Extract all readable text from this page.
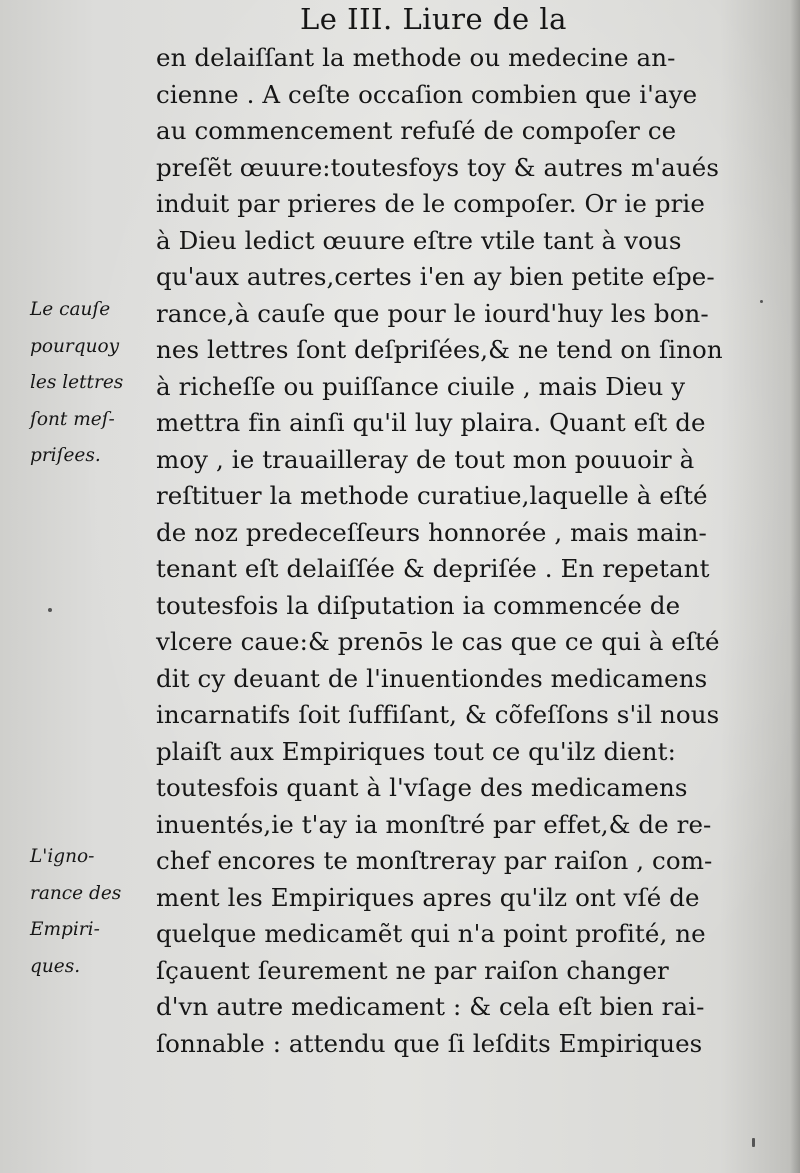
Le III. Liure de la
en delaiſſant la methode ou medecine an-
cienne . A ceſte occaſion combien que i'aye
au commencement refuſé de compoſer ce
preſẽt œuure:toutesfoys toy & autres m'aués
induit par prieres de le compoſer. Or ie prie
à Dieu ledict œuure eſtre vtile tant à vous
qu'aux autres,certes i'en ay bien petite eſpe-
rance,à cauſe que pour le iourd'huy les bon-
nes lettres ſont deſpriſées,& ne tend on ſinon
à richeſſe ou puiſſance ciuile , mais Dieu y
mettra fin ainſi qu'il luy plaira. Quant eſt de
moy , ie trauailleray de tout mon pouuoir à
reſtituer la methode curatiue,laquelle à eſté
de noz predeceſſeurs honnorée , mais main-
tenant eſt delaiſſée & depriſée . En repetant
toutesfois la diſputation ia commencée de
vlcere caue:& prenōs le cas que ce qui à eſté
dit cy deuant de l'inuentiondes medicamens
incarnatifs ſoit ſuffiſant, & cõfeſſons s'il nous
plaiſt aux Empiriques tout ce qu'ilz dient:
toutesfois quant à l'vſage des medicamens
inuentés,ie t'ay ia monſtré par effet,& de re-
chef encores te monſtreray par raiſon , com-
ment les Empiriques apres qu'ilz ont vſé de
quelque medicamẽt qui n'a point profité, ne
ſçauent ſeurement ne par raiſon changer
d'vn autre medicament : & cela eſt bien rai-
ſonnable : attendu que ſi leſdits Empiriques
Le cauſe
pourquoy
les lettres
ſont meſ-
priſees.
L'igno-
rance des
Empiri-
ques.
